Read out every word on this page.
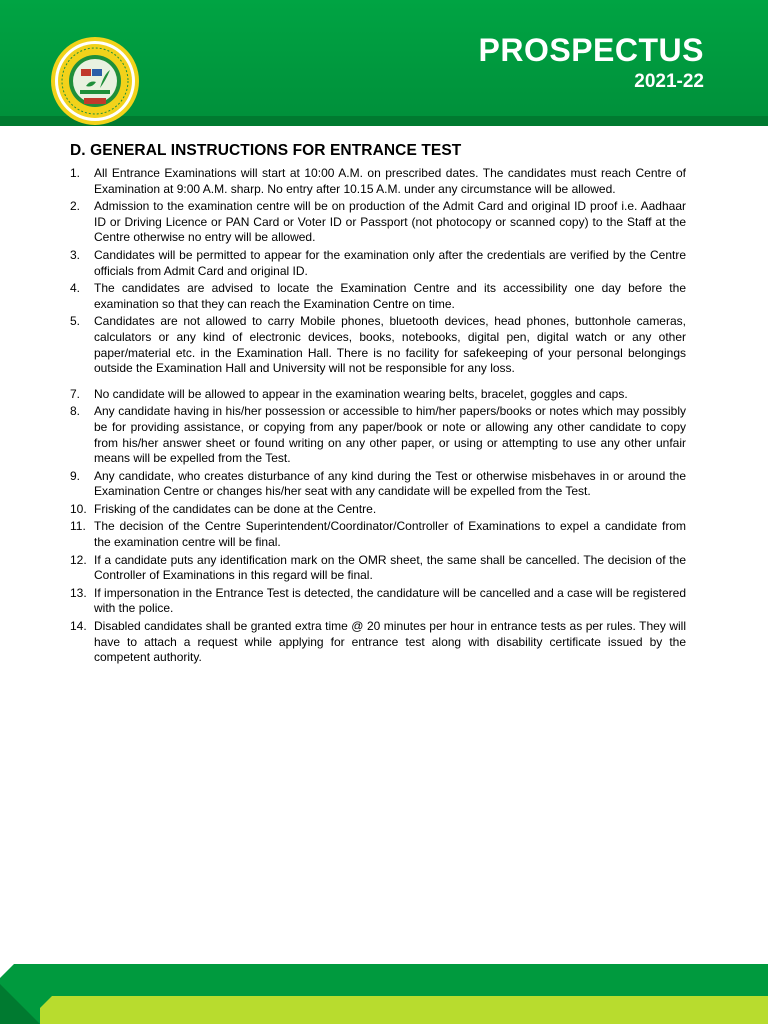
PROSPECTUS
2021-22
D. GENERAL INSTRUCTIONS FOR ENTRANCE TEST
1.	All Entrance Examinations will start at 10:00 A.M. on prescribed dates. The candidates must reach Centre of Examination at 9:00 A.M. sharp. No entry after 10.15 A.M. under any circumstance will be allowed.
2.	Admission to the examination centre will be on production of the Admit Card and original ID proof i.e. Aadhaar ID or Driving Licence or PAN Card or Voter ID or Passport (not photocopy or scanned copy) to the Staff at the Centre otherwise no entry will be allowed.
3.	Candidates will be permitted to appear for the examination only after the credentials are verified by the Centre officials from Admit Card and original ID.
4.	The candidates are advised to locate the Examination Centre and its accessibility one day before the examination so that they can reach the Examination Centre on time.
5.	Candidates are not allowed to carry Mobile phones, bluetooth devices, head phones, buttonhole cameras, calculators or any kind of electronic devices, books, notebooks, digital pen, digital watch or any other paper/material etc. in the Examination Hall. There is no facility for safekeeping of your personal belongings outside the Examination Hall and University will not be responsible for any loss.
7.	No candidate will be allowed to appear in the examination wearing belts, bracelet, goggles and caps.
8.	Any candidate having in his/her possession or accessible to him/her papers/books or notes which may possibly be for providing assistance, or copying from any paper/book or note or allowing any other candidate to copy from his/her answer sheet or found writing on any other paper, or using or attempting to use any other unfair means will be expelled from the Test.
9.	Any candidate, who creates disturbance of any kind during the Test or otherwise misbehaves in or around the Examination Centre or changes his/her seat with any candidate will be expelled from the Test.
10. Frisking of the candidates can be done at the Centre.
11. The decision of the Centre Superintendent/Coordinator/Controller of Examinations to expel a candidate from the examination centre will be final.
12. If a candidate puts any identification mark on the OMR sheet, the same shall be cancelled. The decision of the Controller of Examinations in this regard will be final.
13. If impersonation in the Entrance Test is detected, the candidature will be cancelled and a case will be registered with the police.
14. Disabled candidates shall be granted extra time @ 20 minutes per hour in entrance tests as per rules. They will have to attach a request while applying for entrance test along with disability certificate issued by the competent authority.
